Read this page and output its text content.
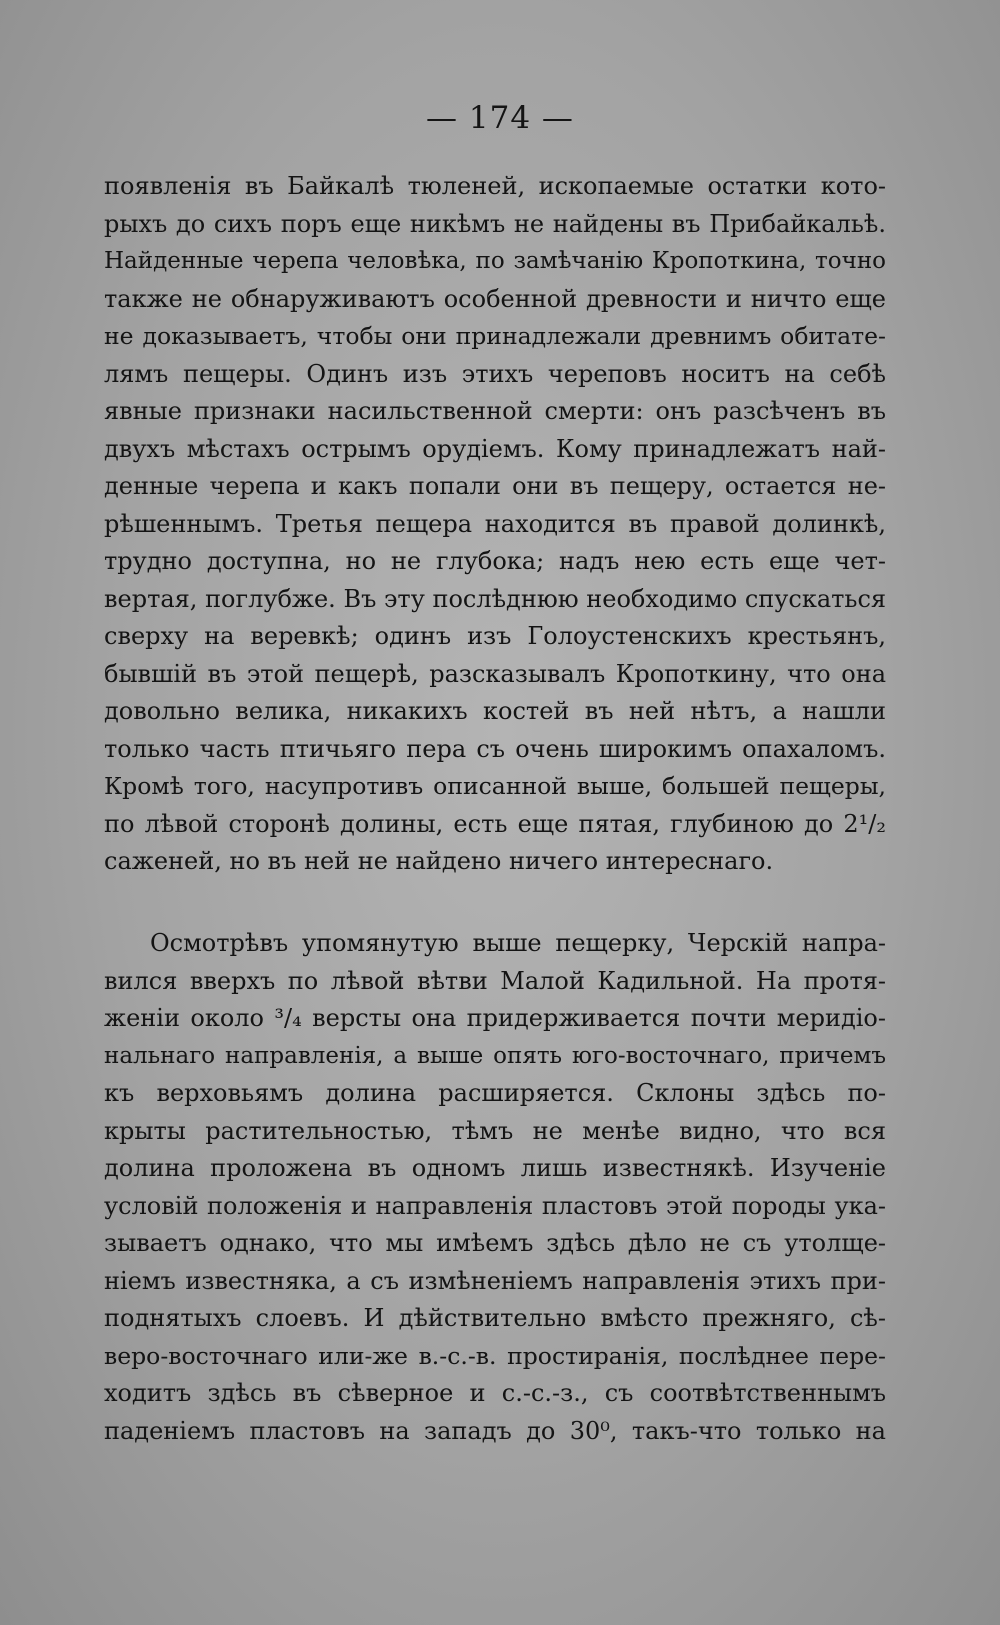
— 174 —
появленія въ Байкалѣ тюленей, ископаемые остатки кото-
рыхъ до сихъ поръ еще никѣмъ не найдены въ Прибайкальѣ.
Найденные черепа человѣка, по замѣчанію Кропоткина, точно
также не обнаруживаютъ особенной древности и ничто еще
не доказываетъ, чтобы они принадлежали древнимъ обитате-
лямъ пещеры. Одинъ изъ этихъ череповъ носитъ на себѣ
явные признаки насильственной смерти: онъ разсѣченъ въ
двухъ мѣстахъ острымъ орудіемъ. Кому принадлежатъ най-
денные черепа и какъ попали они въ пещеру, остается не-
рѣшеннымъ. Третья пещера находится въ правой долинкѣ,
трудно доступна, но не глубока; надъ нею есть еще чет-
вертая, поглубже. Въ эту послѣднюю необходимо спускаться
сверху на веревкѣ; одинъ изъ Голоустенскихъ крестьянъ,
бывшій въ этой пещерѣ, разсказывалъ Кропоткину, что она
довольно велика, никакихъ костей въ ней нѣтъ, а нашли
только часть птичьяго пера съ очень широкимъ опахаломъ.
Кромѣ того, насупротивъ описанной выше, большей пещеры,
по лѣвой сторонѣ долины, есть еще пятая, глубиною до 2¹/₂
саженей, но въ ней не найдено ничего интереснаго.
Осмотрѣвъ упомянутую выше пещерку, Черскій напра-
вился вверхъ по лѣвой вѣтви Малой Кадильной. На протя-
женіи около ³/₄ версты она придерживается почти меридіо-
нальнаго направленія, а выше опять юго-восточнаго, причемъ
къ верховьямъ долина расширяется. Склоны здѣсь по-
крыты растительностью, тѣмъ не менѣе видно, что вся
долина проложена въ одномъ лишь известнякѣ. Изученіе
условій положенія и направленія пластовъ этой породы ука-
зываетъ однако, что мы имѣемъ здѣсь дѣло не съ утолще-
ніемъ известняка, а съ измѣненіемъ направленія этихъ при-
поднятыхъ слоевъ. И дѣйствительно вмѣсто прежняго, сѣ-
веро-восточнаго или-же в.-с.-в. простиранія, послѣднее пере-
ходитъ здѣсь въ сѣверное и с.-с.-з., съ соотвѣтственнымъ
паденіемъ пластовъ на западъ до 30⁰, такъ-что только на
